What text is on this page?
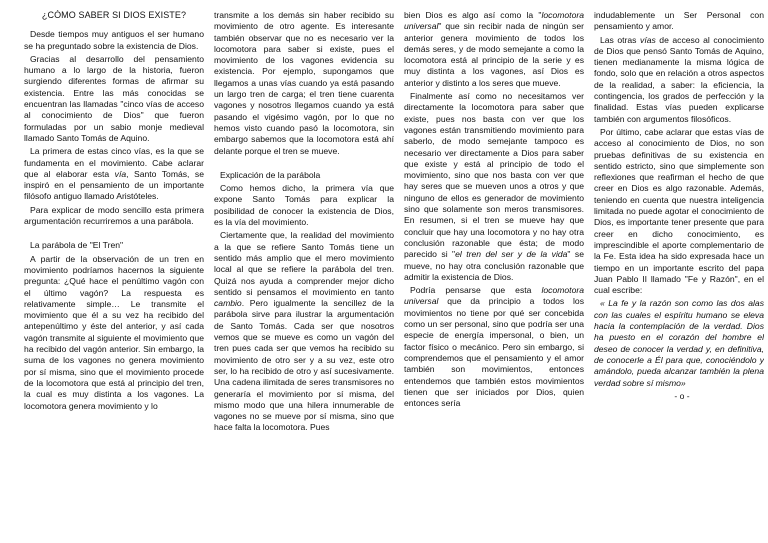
¿CÓMO SABER SI DIOS EXISTE?

Desde tiempos muy antiguos el ser humano se ha preguntado sobre la existencia de Dios.

Gracias al desarrollo del pensamiento humano a lo largo de la historia, fueron surgiendo diferentes formas de afirmar su existencia. Entre las más conocidas se encuentran las llamadas "cinco vías de acceso al conocimiento de Dios" que fueron formuladas por un sabio monje medieval llamado Santo Tomás de Aquino.

La primera de estas cinco vías, es la que se fundamenta en el movimiento. Cabe aclarar que al elaborar esta vía, Santo Tomás, se inspiró en el pensamiento de un importante filósofo antiguo llamado Aristóteles.

Para explicar de modo sencillo esta primera argumentación recurriremos a una parábola.

La parábola de "El Tren"

A partir de la observación de un tren en movimiento podríamos hacernos la siguiente pregunta: ¿Qué hace el penúltimo vagón con el último vagón? La respuesta es relativamente simple… Le transmite el movimiento que él a su vez ha recibido del antepenúltimo y éste del anterior, y así cada vagón transmite al siguiente el movimiento que ha recibido del vagón anterior. Sin embargo, la suma de los vagones no genera movimiento por sí misma, sino que el movimiento procede de la locomotora que está al principio del tren, la cual es muy distinta a los vagones. La locomotora genera movimiento y lo

transmite a los demás sin haber recibido su movimiento de otro agente. Es interesante también observar que no es necesario ver la locomotora para saber si existe, pues el movimiento de los vagones evidencia su existencia. Por ejemplo, supongamos que llegamos a unas vías cuando ya está pasando un largo tren de carga; el tren tiene cuarenta vagones y nosotros llegamos cuando ya está pasando el vigésimo vagón, por lo que no hemos visto cuando pasó la locomotora, sin embargo sabemos que la locomotora está ahí delante porque el tren se mueve.

Explicación de la parábola

Como hemos dicho, la primera vía que expone Santo Tomás para explicar la posibilidad de conocer la existencia de Dios, es la vía del movimiento.

Ciertamente que, la realidad del movimiento a la que se refiere Santo Tomás tiene un sentido más amplio que el mero movimiento local al que se refiere la parábola del tren. Quizá nos ayuda a comprender mejor dicho sentido si pensamos el movimiento en tanto cambio. Pero igualmente la sencillez de la parábola sirve para ilustrar la argumentación de Santo Tomás. Cada ser que nosotros vemos que se mueve es como un vagón del tren pues cada ser que vemos ha recibido su movimiento de otro ser y a su vez, este otro ser, lo ha recibido de otro y así sucesivamente. Una cadena ilimitada de seres transmisores no generaría el movimiento por sí misma, del mismo modo que una hilera innumerable de vagones no se mueve por sí misma, sino que hace falta la locomotora. Pues

bien Dios es algo así como la "locomotora universal" que sin recibir nada de ningún ser anterior genera movimiento de todos los demás seres, y de modo semejante a como la locomotora está al principio de la serie y es muy distinta a los vagones, así Dios es anterior y distinto a los seres que mueve.

Finalmente así como no necesitamos ver directamente la locomotora para saber que existe, pues nos basta con ver que los vagones están transmitiendo movimiento para saberlo, de modo semejante tampoco es necesario ver directamente a Dios para saber que existe y está al principio de todo el movimiento, sino que nos basta con ver que hay seres que se mueven unos a otros y que ninguno de ellos es generador de movimiento sino que solamente son meros transmisores. En resumen, si el tren se mueve hay que concluir que hay una locomotora y no hay otra conclusión razonable que ésta; de modo parecido si "el tren del ser y de la vida" se mueve, no hay otra conclusión razonable que admitir la existencia de Dios.

Podría pensarse que esta locomotora universal que da principio a todos los movimientos no tiene por qué ser concebida como un ser personal, sino que podría ser una especie de energía impersonal, o bien, un factor físico o mecánico. Pero sin embargo, si comprendemos que el pensamiento y el amor también son movimientos, entonces entendemos que también estos movimientos tienen que ser iniciados por Dios, quien entonces sería

indudablemente un Ser Personal con pensamiento y amor.

Las otras vías de acceso al conocimiento de Dios que pensó Santo Tomás de Aquino, tienen medianamente la misma lógica de fondo, solo que en relación a otros aspectos de la realidad, a saber: la eficiencia, la contingencia, los grados de perfección y la finalidad. Estas vías pueden explicarse también con argumentos filosóficos.

Por último, cabe aclarar que estas vías de acceso al conocimiento de Dios, no son pruebas definitivas de su existencia en sentido estricto, sino que simplemente son reflexiones que reafirman el hecho de que creer en Dios es algo razonable. Además, teniendo en cuenta que nuestra inteligencia limitada no puede agotar el conocimiento de Dios, es importante tener presente que para creer en dicho conocimiento, es imprescindible el aporte complementario de la Fe. Esta idea ha sido expresada hace un tiempo en un importante escrito del papa Juan Pablo II llamado "Fe y Razón", en el cual escribe:

« La fe y la razón son como las dos alas con las cuales el espíritu humano se eleva hacia la contemplación de la verdad. Dios ha puesto en el corazón del hombre el deseo de conocer la verdad y, en definitiva, de conocerle a Él para que, conociéndolo y amándolo, pueda alcanzar también la plena verdad sobre sí mismo»

- o -
